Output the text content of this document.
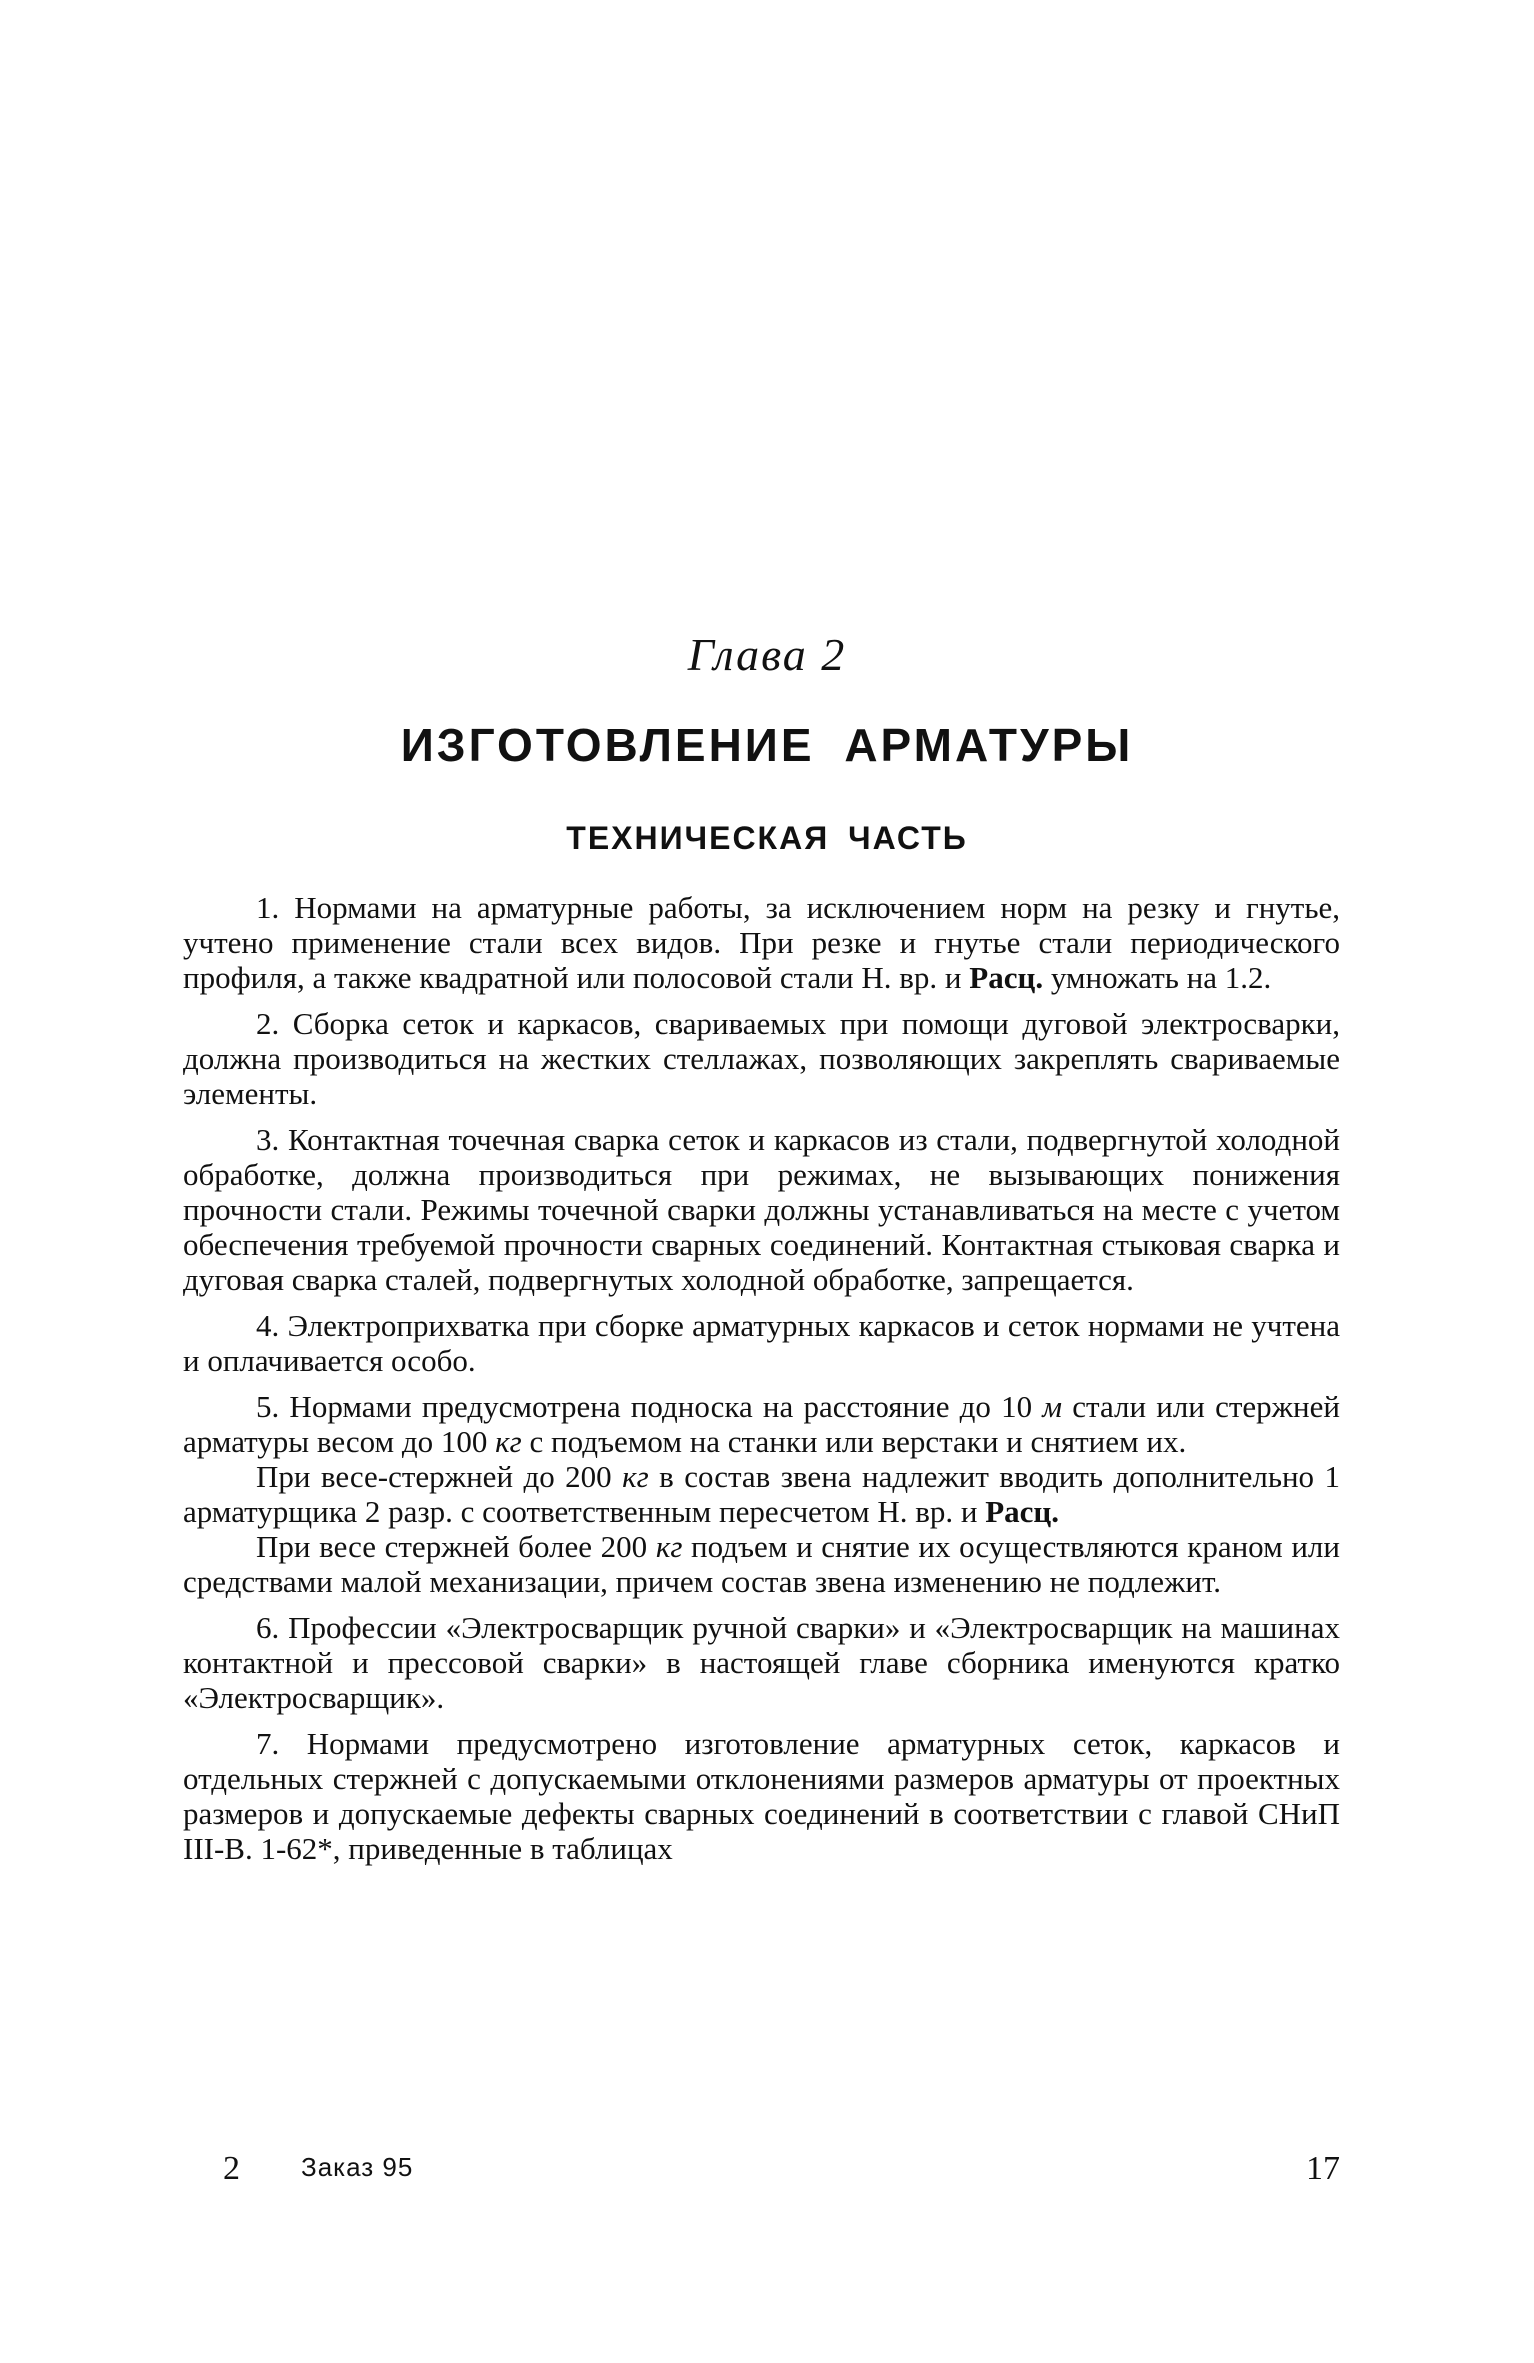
Глава 2
ИЗГОТОВЛЕНИЕ АРМАТУРЫ
ТЕХНИЧЕСКАЯ ЧАСТЬ

1. Нормами на арматурные работы, за исключением норм на резку и гнутье, учтено применение стали всех видов. При резке и гнутье стали периодического профиля, а также квадратной или полосовой стали Н. вр. и Расц. умножать на 1.2.

2. Сборка сеток и каркасов, свариваемых при помощи дуговой электросварки, должна производиться на жестких стеллажах, позволяющих закреплять свариваемые элементы.

3. Контактная точечная сварка сеток и каркасов из стали, подвергнутой холодной обработке, должна производиться при режимах, не вызывающих понижения прочности стали. Режимы точечной сварки должны устанавливаться на месте с учетом обеспечения требуемой прочности сварных соединений. Контактная стыковая сварка и дуговая сварка сталей, подвергнутых холодной обработке, запрещается.

4. Электроприхватка при сборке арматурных каркасов и сеток нормами не учтена и оплачивается особо.

5. Нормами предусмотрена подноска на расстояние до 10 м стали или стержней арматуры весом до 100 кг с подъемом на станки или верстаки и снятием их.

При весе-стержней до 200 кг в состав звена надлежит вводить дополнительно 1 арматурщика 2 разр. с соответственным пересчетом Н. вр. и Расц.

При весе стержней более 200 кг подъем и снятие их осуществляются краном или средствами малой механизации, причем состав звена изменению не подлежит.

6. Профессии «Электросварщик ручной сварки» и «Электросварщик на машинах контактной и прессовой сварки» в настоящей главе сборника именуются кратко «Электросварщик».

7. Нормами предусмотрено изготовление арматурных сеток, каркасов и отдельных стержней с допускаемыми отклонениями размеров арматуры от проектных размеров и допускаемые дефекты сварных соединений в соответствии с главой СНиП III-В. 1-62*, приведенные в таблицах

2 Заказ 95	17
